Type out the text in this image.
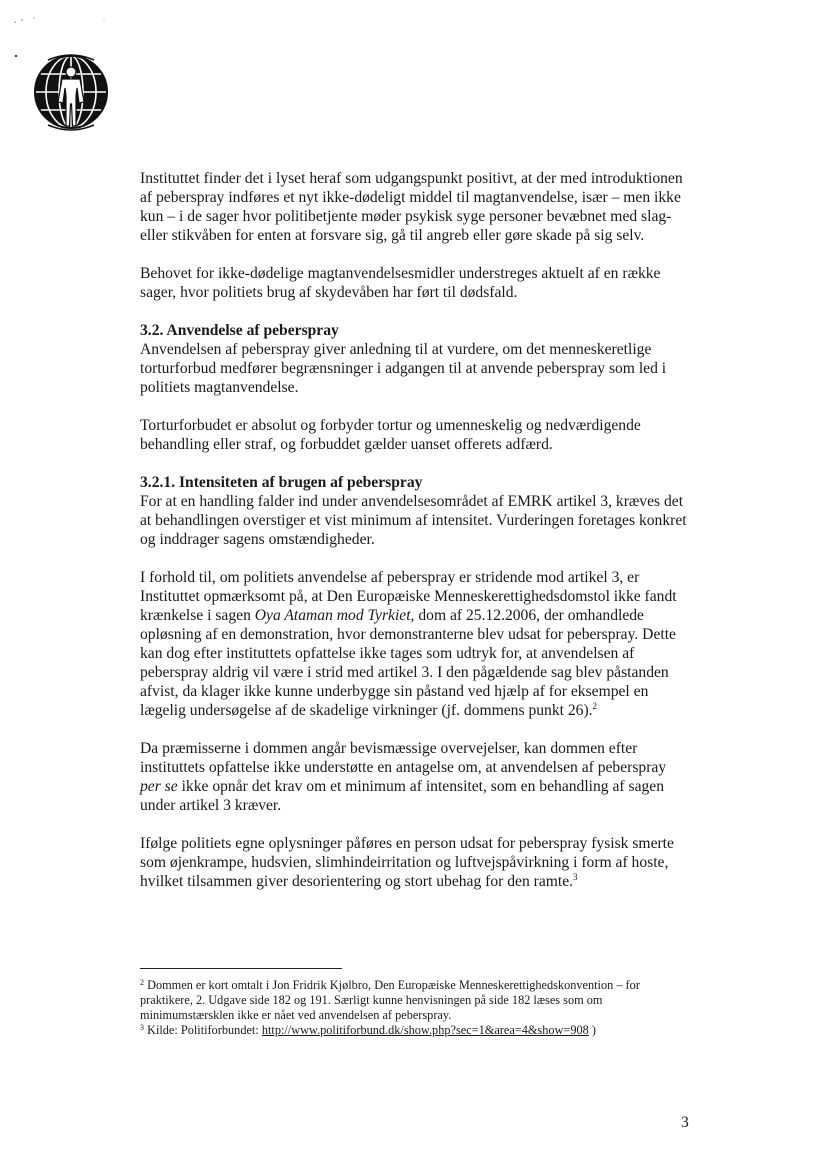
Instituttet finder det i lyset heraf som udgangspunkt positivt, at der med introduktionen af peberspray indføres et nyt ikke-dødeligt middel til magtanvendelse, især – men ikke kun – i de sager hvor politibetjente møder psykisk syge personer bevæbnet med slag- eller stikvåben for enten at forsvare sig, gå til angreb eller gøre skade på sig selv.

Behovet for ikke-dødelige magtanvendelsesmidler understreges aktuelt af en række sager, hvor politiets brug af skydevåben har ført til dødsfald.

3.2. Anvendelse af peberspray

Anvendelsen af peberspray giver anledning til at vurdere, om det menneskeretlige torturforbud medfører begrænsninger i adgangen til at anvende peberspray som led i politiets magtanvendelse.

Torturforbudet er absolut og forbyder tortur og umenneskelig og nedværdigende behandling eller straf, og forbuddet gælder uanset offerets adfærd.

3.2.1. Intensiteten af brugen af peberspray

For at en handling falder ind under anvendelsesområdet af EMRK artikel 3, kræves det at behandlingen overstiger et vist minimum af intensitet. Vurderingen foretages konkret og inddrager sagens omstændigheder.

I forhold til, om politiets anvendelse af peberspray er stridende mod artikel 3, er Instituttet opmærksomt på, at Den Europæiske Menneskerettighedsdomstol ikke fandt krænkelse i sagen Oya Ataman mod Tyrkiet, dom af 25.12.2006, der omhandlede opløsning af en demonstration, hvor demonstranterne blev udsat for peberspray. Dette kan dog efter instituttets opfattelse ikke tages som udtryk for, at anvendelsen af peberspray aldrig vil være i strid med artikel 3. I den pågældende sag blev påstanden afvist, da klager ikke kunne underbygge sin påstand ved hjælp af for eksempel en lægelig undersøgelse af de skadelige virkninger (jf. dommens punkt 26).$^2$

Da præmisserne i dommen angår bevismæssige overvejelser, kan dommen efter instituttets opfattelse ikke understøtte en antagelse om, at anvendelsen af peberspray per se ikke opnår det krav om et minimum af intensitet, som en behandling af sagen under artikel 3 kræver.

Ifølge politiets egne oplysninger påføres en person udsat for peberspray fysisk smerte som øjenkrampe, hudsvien, slimhindeirritation og luftvejspåvirkning i form af hoste, hvilket tilsammen giver desorientering og stort ubehag for den ramte.$^3$

$^2$ Dommen er kort omtalt i Jon Fridrik Kjølbro, Den Europæiske Menneskerettighedskonvention – for praktikere, 2. Udgave side 182 og 191. Særligt kunne henvisningen på side 182 læses som om minimumstærsklen ikke er nået ved anvendelsen af peberspray.

$^3$ Kilde: Politiforbundet: http://www.politiforbund.dk/show.php?sec=1&area=4&show=908 )

3
